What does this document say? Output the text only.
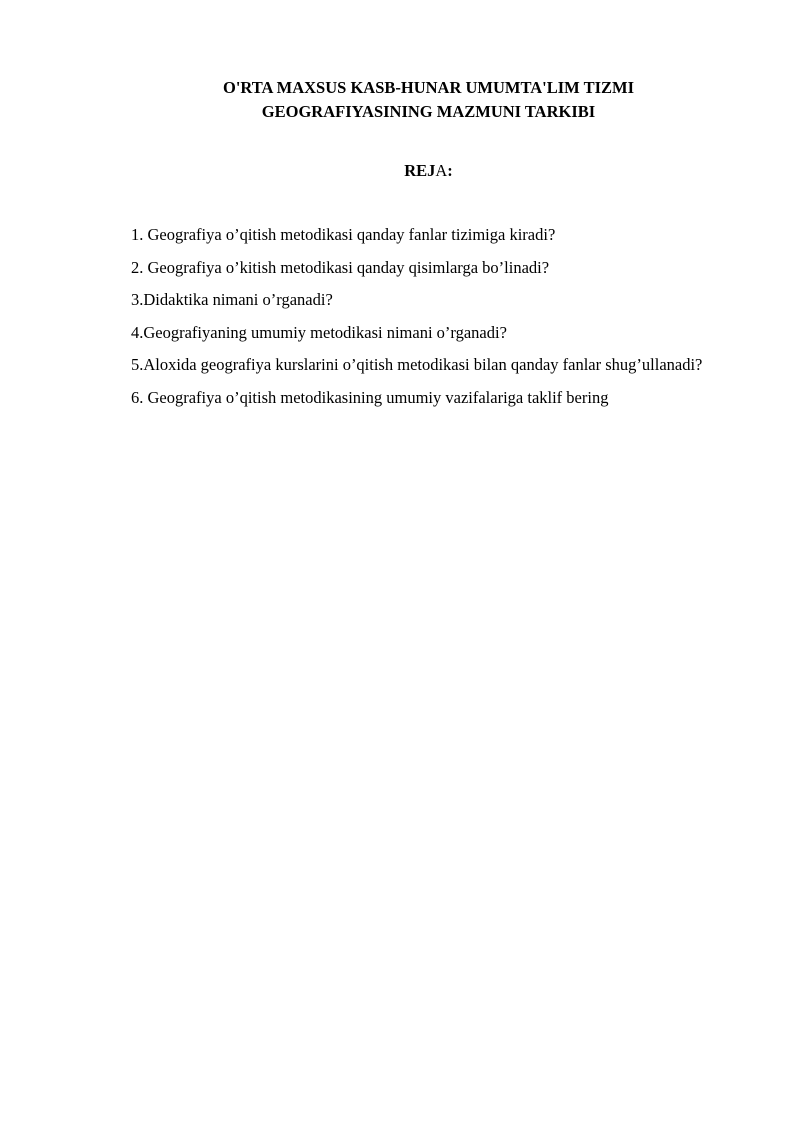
O'RTA MAXSUS KASB-HUNAR UMUMTA'LIM TIZMI
GEOGRAFIYASINING MAZMUNI TARKIBI

REJA:

1. Geografiya o’qitish metodikasi qanday fanlar tizimiga kiradi?
2. Geografiya o’kitish metodikasi qanday qisimlarga bo’linadi?
3.Didaktika nimani o’rganadi?
4.Geografiyaning umumiy metodikasi nimani o’rganadi?
5.Aloxida geografiya kurslarini o’qitish metodikasi bilan qanday fanlar shug’ullanadi?
6. Geografiya o’qitish metodikasining umumiy vazifalariga taklif bering
